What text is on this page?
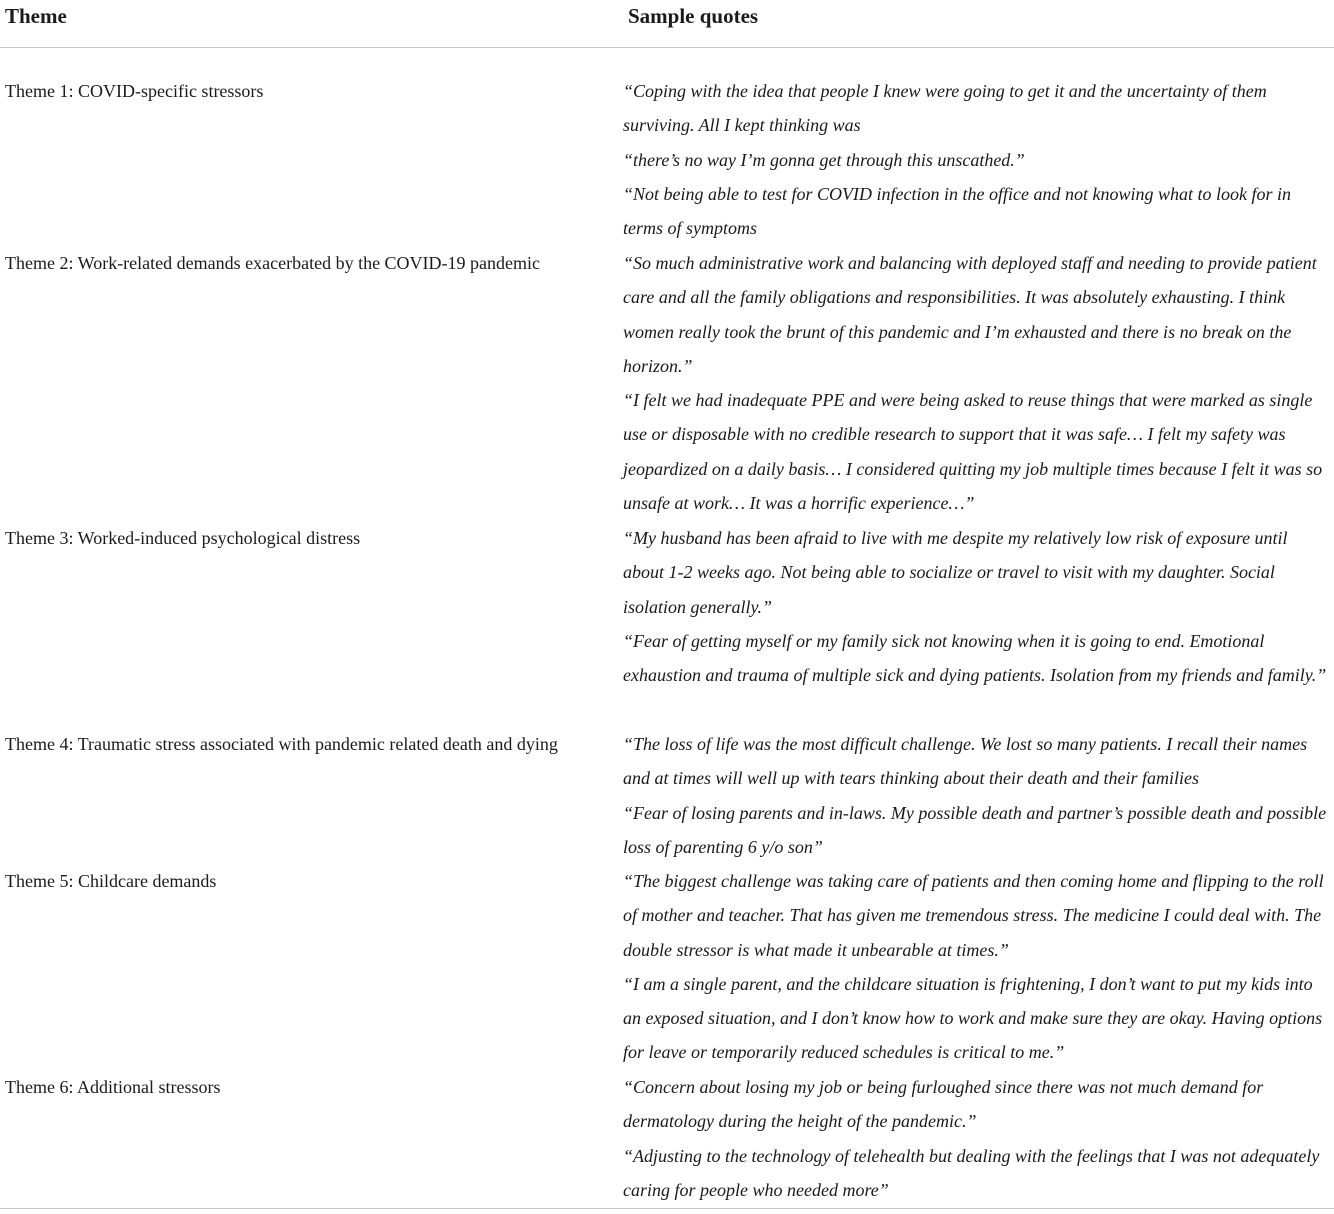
Theme	Sample quotes
Theme 1: COVID-specific stressors	“Coping with the idea that people I knew were going to get it and the uncertainty of them surviving. All I kept thinking was
“there’s no way I’m gonna get through this unscathed.”
“Not being able to test for COVID infection in the office and not knowing what to look for in terms of symptoms
Theme 2: Work-related demands exacerbated by the COVID-19 pandemic	“So much administrative work and balancing with deployed staff and needing to provide patient care and all the family obligations and responsibilities. It was absolutely exhausting. I think women really took the brunt of this pandemic and I’m exhausted and there is no break on the horizon.”
“I felt we had inadequate PPE and were being asked to reuse things that were marked as single use or disposable with no credible research to support that it was safe… I felt my safety was jeopardized on a daily basis… I considered quitting my job multiple times because I felt it was so unsafe at work… It was a horrific experience…”
Theme 3: Worked-induced psychological distress	“My husband has been afraid to live with me despite my relatively low risk of exposure until about 1-2 weeks ago. Not being able to socialize or travel to visit with my daughter. Social isolation generally.”
“Fear of getting myself or my family sick not knowing when it is going to end. Emotional exhaustion and trauma of multiple sick and dying patients. Isolation from my friends and family.”
Theme 4: Traumatic stress associated with pandemic related death and dying	“The loss of life was the most difficult challenge. We lost so many patients. I recall their names and at times will well up with tears thinking about their death and their families
“Fear of losing parents and in-laws. My possible death and partner’s possible death and possible loss of parenting 6 y/o son”
Theme 5: Childcare demands	“The biggest challenge was taking care of patients and then coming home and flipping to the roll of mother and teacher. That has given me tremendous stress. The medicine I could deal with. The double stressor is what made it unbearable at times.”
“I am a single parent, and the childcare situation is frightening, I don’t want to put my kids into an exposed situation, and I don’t know how to work and make sure they are okay. Having options for leave or temporarily reduced schedules is critical to me.”
Theme 6: Additional stressors	“Concern about losing my job or being furloughed since there was not much demand for dermatology during the height of the pandemic.”
“Adjusting to the technology of telehealth but dealing with the feelings that I was not adequately caring for people who needed more”
